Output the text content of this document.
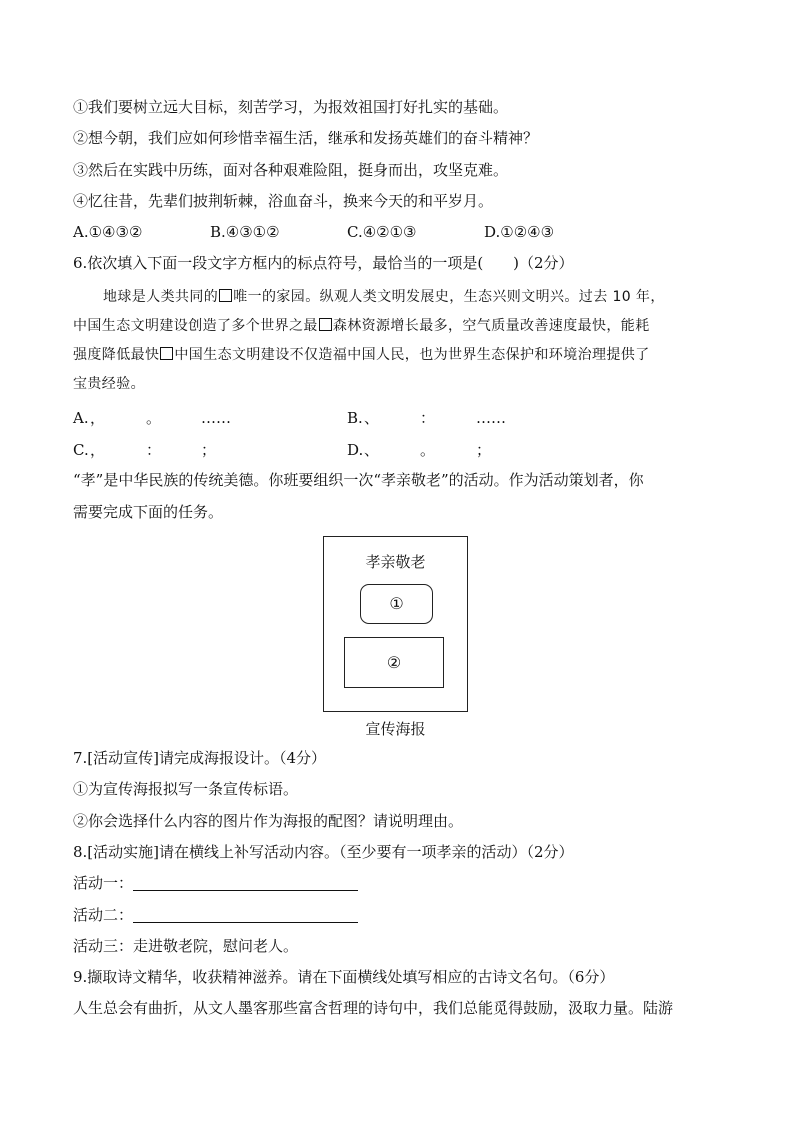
①我们要树立远大目标，刻苦学习，为报效祖国打好扎实的基础。
②想今朝，我们应如何珍惜幸福生活，继承和发扬英雄们的奋斗精神？
③然后在实践中历练，面对各种艰难险阻，挺身而出，攻坚克难。
④忆往昔，先辈们披荆斩棘，浴血奋斗，换来今天的和平岁月。
A.①④③②	B.④③①②	C.④②①③	D.①②④③
6.依次填入下面一段文字方框内的标点符号，最恰当的一项是(　　)（2分）
地球是人类共同的 唯一的家园。纵观人类文明发展史，生态兴则文明兴。过去 10 年，
中国生态文明建设创造了多个世界之最 森林资源增长最多，空气质量改善速度最快，能耗
强度降低最快 中国生态文明建设不仅造福中国人民，也为世界生态保护和环境治理提供了
宝贵经验。
A. ，	。	……	B. 、	：	……
C. ，	：	；	D. 、	。	；
“孝”是中华民族的传统美德。你班要组织一次“孝亲敬老”的活动。作为活动策划者，你
需要完成下面的任务。
孝亲敬老
①
②
宣传海报
7.[活动宣传]请完成海报设计。（4分）
①为宣传海报拟写一条宣传标语。
②你会选择什么内容的图片作为海报的配图？请说明理由。
8.[活动实施]请在横线上补写活动内容。（至少要有一项孝亲的活动）（2分）
活动一：
活动二：
活动三：走进敬老院，慰问老人。
9.撷取诗文精华，收获精神滋养。请在下面横线处填写相应的古诗文名句。（6分）
人生总会有曲折，从文人墨客那些富含哲理的诗句中，我们总能觅得鼓励，汲取力量。陆游
